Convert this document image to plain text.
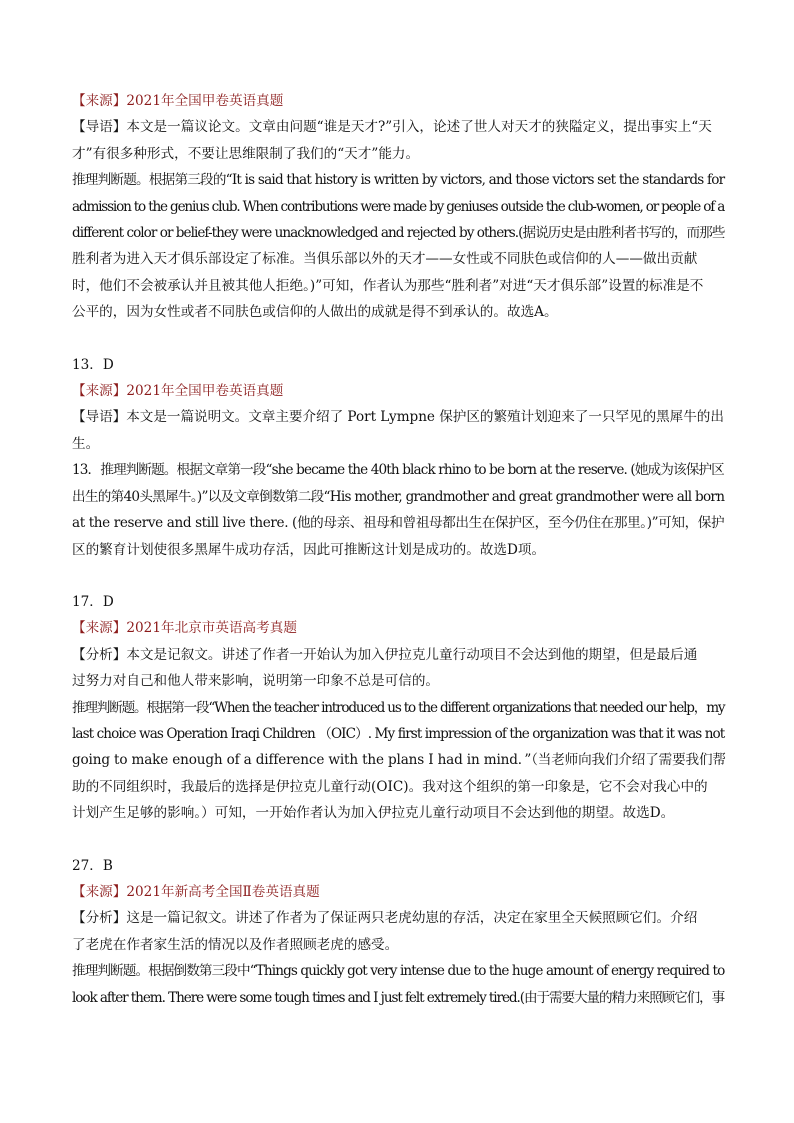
【来源】2021年全国甲卷英语真题

【导语】本文是一篇议论文。文章由问题“谁是天才?”引入，论述了世人对天才的狭隘定义，提出事实上“天

才”有很多种形式，不要让思维限制了我们的“天才”能力。

推理判断题。根据第三段的“It is said that history is written by victors, and those victors set the standards for

admission to the genius club. When contributions were made by geniuses outside the club-women, or people of a

different color or belief-they were unacknowledged and rejected by others.(据说历史是由胜利者书写的，而那些

胜利者为进入天才俱乐部设定了标准。当俱乐部以外的天才——女性或不同肤色或信仰的人——做出贡献

时，他们不会被承认并且被其他人拒绝。)”可知，作者认为那些“胜利者”对进“天才俱乐部”设置的标准是不

公平的，因为女性或者不同肤色或信仰的人做出的成就是得不到承认的。故选A。

13．D

【来源】2021年全国甲卷英语真题

【导语】本文是一篇说明文。文章主要介绍了 Port Lympne 保护区的繁殖计划迎来了一只罕见的黑犀牛的出

生。

13．推理判断题。根据文章第一段“she became the 40th black rhino to be born at the reserve. (她成为该保护区

出生的第40头黑犀牛。)”以及文章倒数第二段“His mother, grandmother and great grandmother were all born

at the reserve and still live there. (他的母亲、祖母和曾祖母都出生在保护区，至今仍住在那里。)”可知，保护

区的繁育计划使很多黑犀牛成功存活，因此可推断这计划是成功的。故选D项。

17．D

【来源】2021年北京市英语高考真题

【分析】本文是记叙文。讲述了作者一开始认为加入伊拉克儿童行动项目不会达到他的期望，但是最后通

过努力对自己和他人带来影响，说明第一印象不总是可信的。

推理判断题。根据第一段“When the teacher introduced us to the different organizations that needed our help，my

last choice was Operation Iraqi Children （OIC）. My first impression of the organization was that it was not

going to make enough of a difference with the plans I had in mind．”（当老师向我们介绍了需要我们帮

助的不同组织时，我最后的选择是伊拉克儿童行动(OIC)。我对这个组织的第一印象是，它不会对我心中的

计划产生足够的影响。）可知，一开始作者认为加入伊拉克儿童行动项目不会达到他的期望。故选D。

27．B

【来源】2021年新高考全国Ⅱ卷英语真题

【分析】这是一篇记叙文。讲述了作者为了保证两只老虎幼崽的存活，决定在家里全天候照顾它们。介绍

了老虎在作者家生活的情况以及作者照顾老虎的感受。

推理判断题。根据倒数第三段中“Things quickly got very intense due to the huge amount of energy required to

look after them. There were some tough times and I just felt extremely tired.(由于需要大量的精力来照顾它们，事
